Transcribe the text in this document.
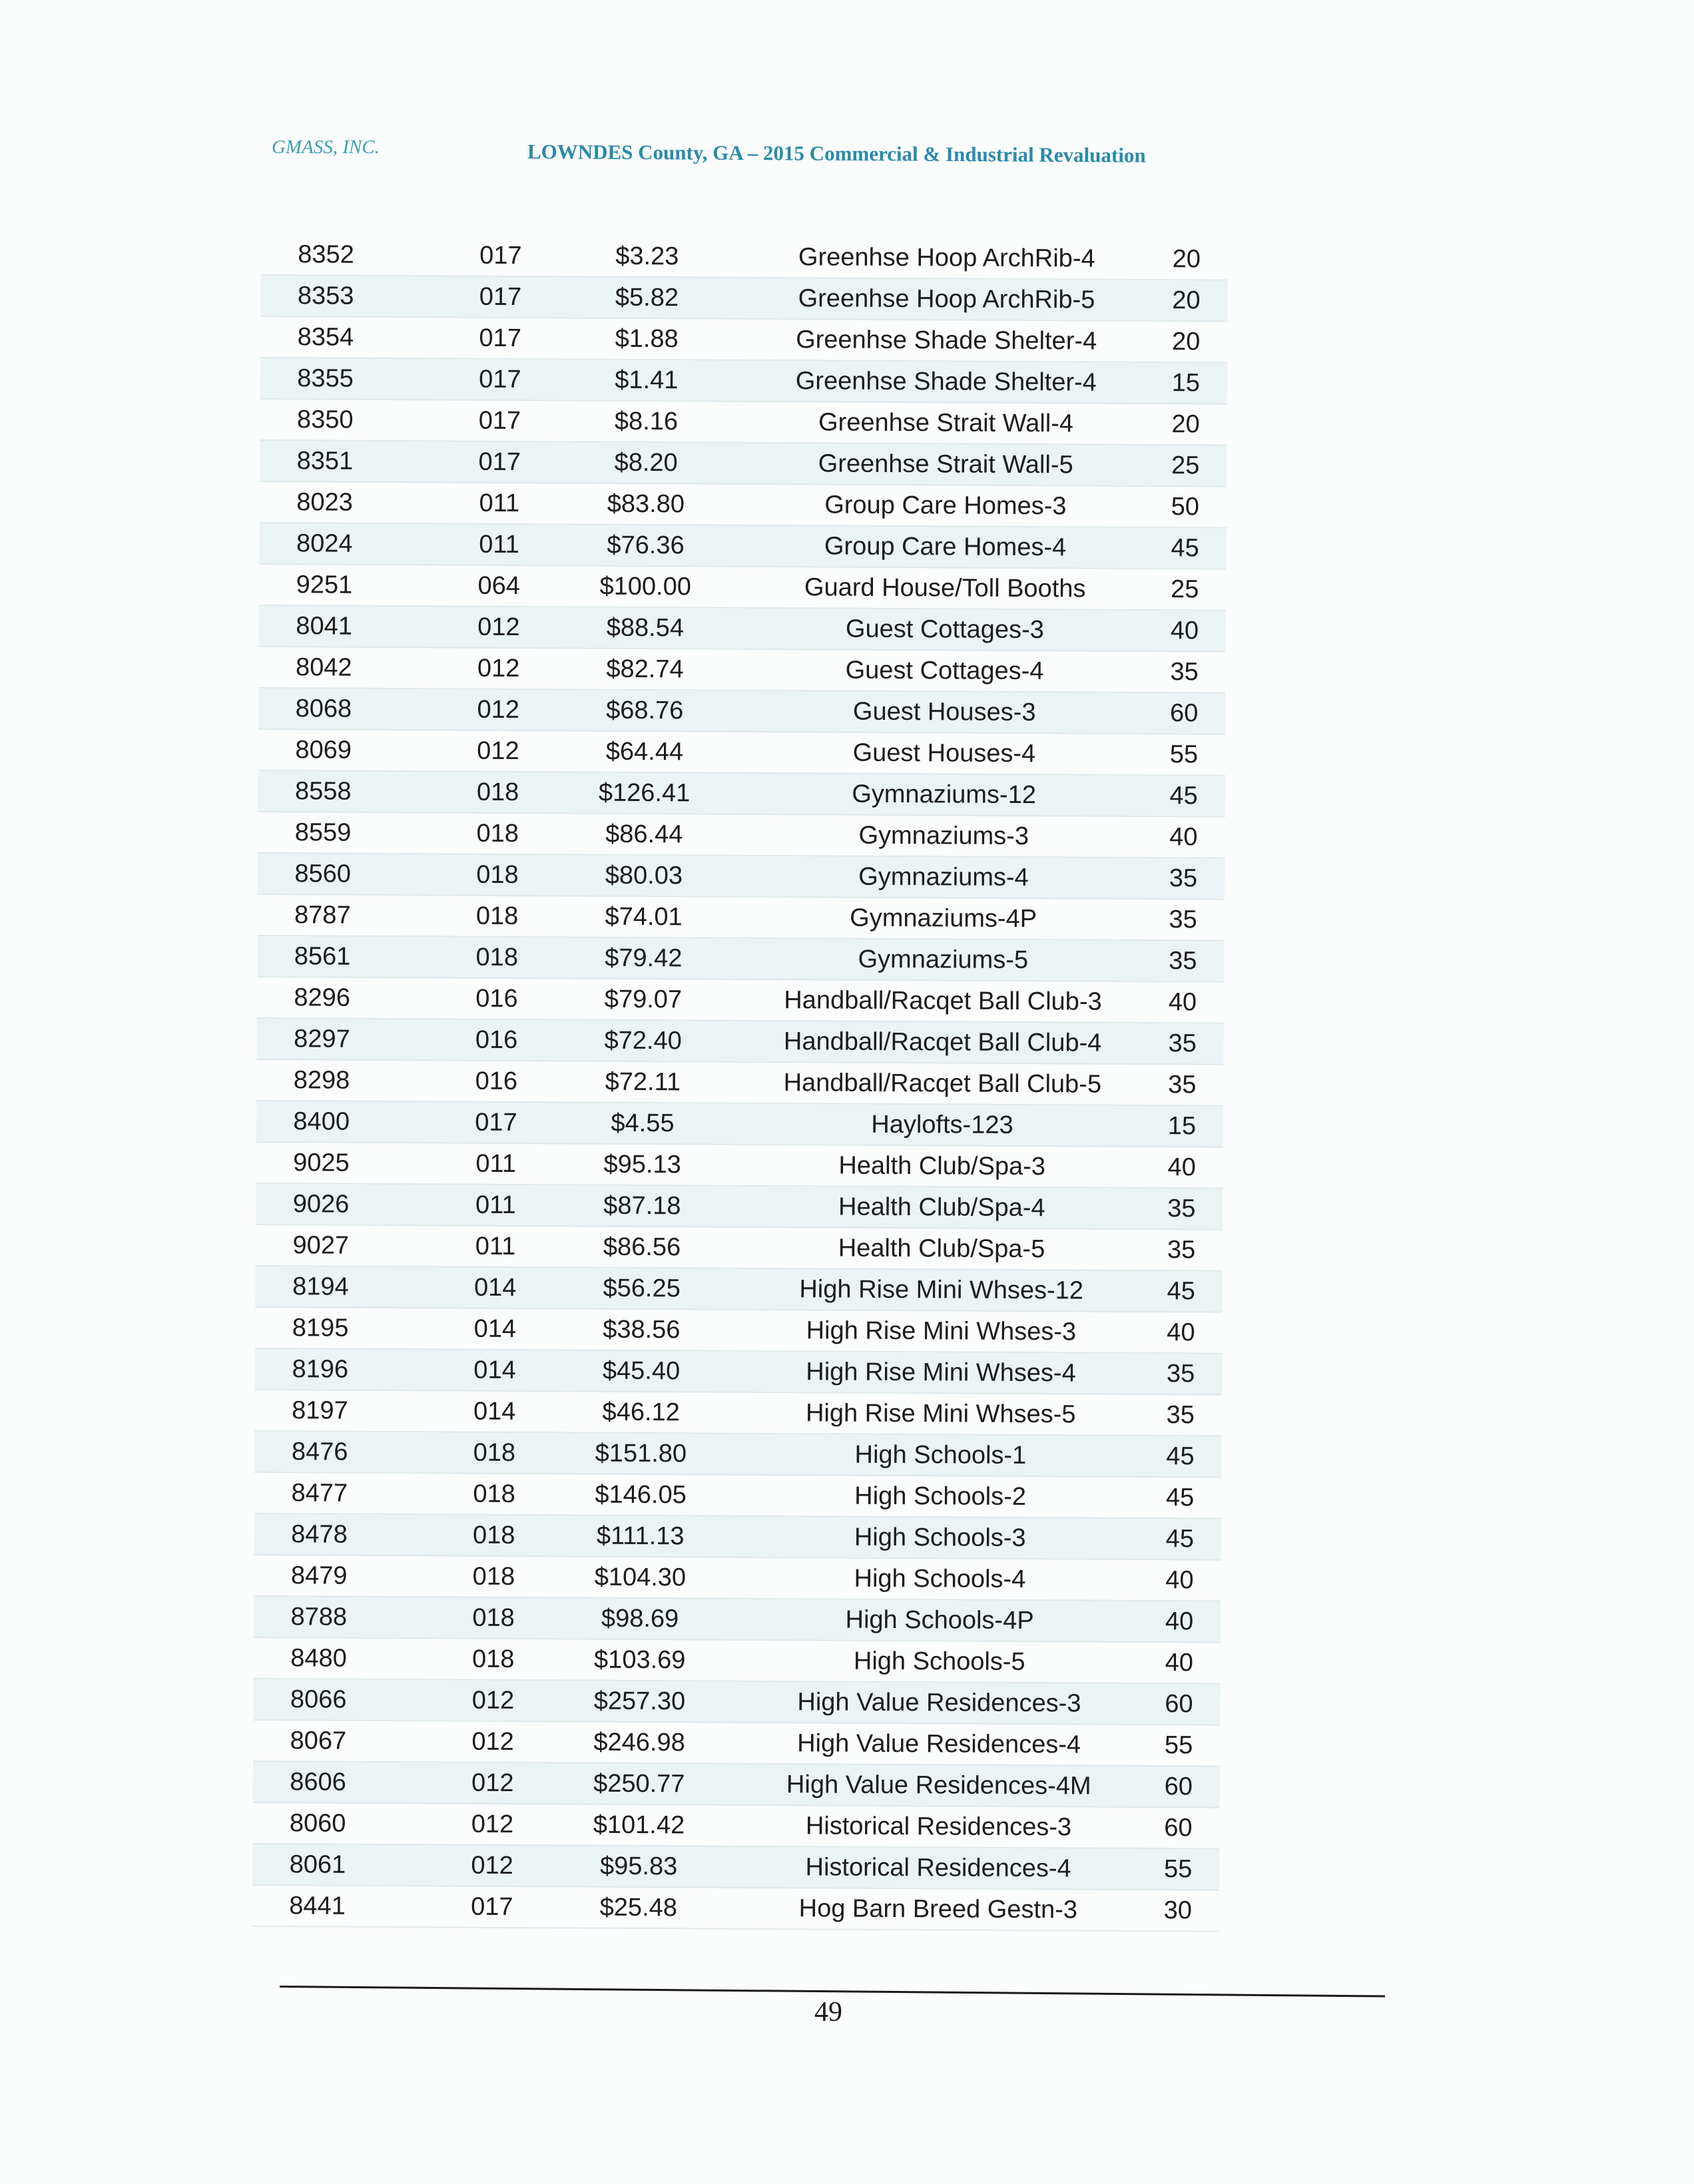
GMASS, INC.	LOWNDES County, GA – 2015 Commercial & Industrial Revaluation
8352	017	$3.23	Greenhse Hoop ArchRib-4	20
8353	017	$5.82	Greenhse Hoop ArchRib-5	20
8354	017	$1.88	Greenhse Shade Shelter-4	20
8355	017	$1.41	Greenhse Shade Shelter-4	15
8350	017	$8.16	Greenhse Strait Wall-4	20
8351	017	$8.20	Greenhse Strait Wall-5	25
8023	011	$83.80	Group Care Homes-3	50
8024	011	$76.36	Group Care Homes-4	45
9251	064	$100.00	Guard House/Toll Booths	25
8041	012	$88.54	Guest Cottages-3	40
8042	012	$82.74	Guest Cottages-4	35
8068	012	$68.76	Guest Houses-3	60
8069	012	$64.44	Guest Houses-4	55
8558	018	$126.41	Gymnaziums-12	45
8559	018	$86.44	Gymnaziums-3	40
8560	018	$80.03	Gymnaziums-4	35
8787	018	$74.01	Gymnaziums-4P	35
8561	018	$79.42	Gymnaziums-5	35
8296	016	$79.07	Handball/Racqet Ball Club-3	40
8297	016	$72.40	Handball/Racqet Ball Club-4	35
8298	016	$72.11	Handball/Racqet Ball Club-5	35
8400	017	$4.55	Haylofts-123	15
9025	011	$95.13	Health Club/Spa-3	40
9026	011	$87.18	Health Club/Spa-4	35
9027	011	$86.56	Health Club/Spa-5	35
8194	014	$56.25	High Rise Mini Whses-12	45
8195	014	$38.56	High Rise Mini Whses-3	40
8196	014	$45.40	High Rise Mini Whses-4	35
8197	014	$46.12	High Rise Mini Whses-5	35
8476	018	$151.80	High Schools-1	45
8477	018	$146.05	High Schools-2	45
8478	018	$111.13	High Schools-3	45
8479	018	$104.30	High Schools-4	40
8788	018	$98.69	High Schools-4P	40
8480	018	$103.69	High Schools-5	40
8066	012	$257.30	High Value Residences-3	60
8067	012	$246.98	High Value Residences-4	55
8606	012	$250.77	High Value Residences-4M	60
8060	012	$101.42	Historical Residences-3	60
8061	012	$95.83	Historical Residences-4	55
8441	017	$25.48	Hog Barn Breed Gestn-3	30
49
